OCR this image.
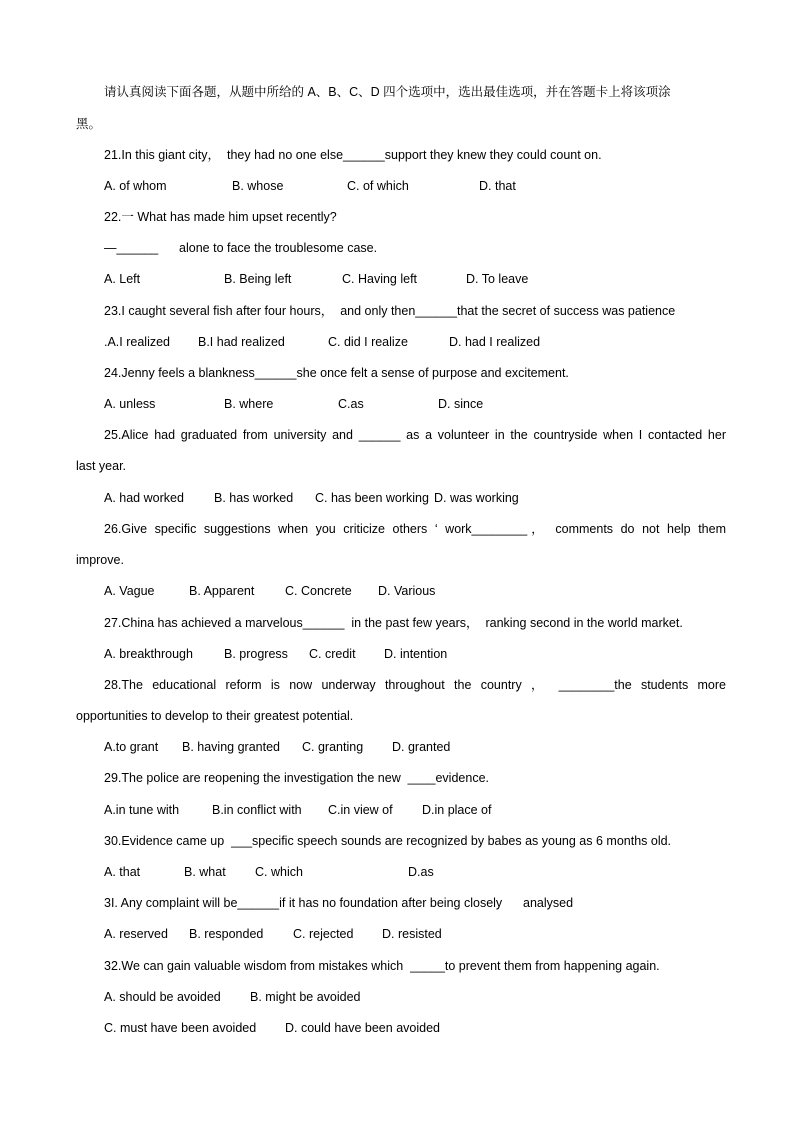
请认真阅读下面各题，从题中所给的 A、B、C、D 四个选项中，选出最佳选项，并在答题卡上将该项涂
黑。
21.In this giant city，  they had no one else______support they knew they could count on.
A. of whom	B. whose	C. of which	D. that
22.一 What has made him upset recently?
—______      alone to face the troublesome case.
A. Left	B. Being left	C. Having left	D. To leave
23.I caught several fish after four hours，  and only then______that the secret of success was patience
.A.I realized B.I had realized	C. did I realize	D. had I realized
24.Jenny feels a blankness______she once felt a sense of purpose and excitement.
A. unless	B. where	C.as	D. since
25.Alice had graduated from university and ______ as a volunteer in the countryside when I contacted her
last year.
A. had worked B. has worked C. has been working D. was working
26.Give specific suggestions when you criticize others ‘ work________， comments do not help them
improve.
A. Vague	B. Apparent C. Concrete D. Various
27.China has achieved a marvelous______  in the past few years，  ranking second in the world market.
A. breakthrough B. progress C. credit D. intention
28.The educational reform is now underway throughout the country ， ________the students more
opportunities to develop to their greatest potential.
A.to grant B. having granted C. granting D. granted
29.The police are reopening the investigation the new  ____evidence.
A.in tune with	B.in conflict with C.in view of D.in place of
30.Evidence came up  ___specific speech sounds are recognized by babes as young as 6 months old.
A. that	B. what C. which	D.as
3I. Any complaint will be______if it has no foundation after being closely      analysed
A. reserved B. responded C. rejected D. resisted
32.We can gain valuable wisdom from mistakes which  _____to prevent them from happening again.
A. should be avoided B. might be avoided
C. must have been avoided D. could have been avoided
